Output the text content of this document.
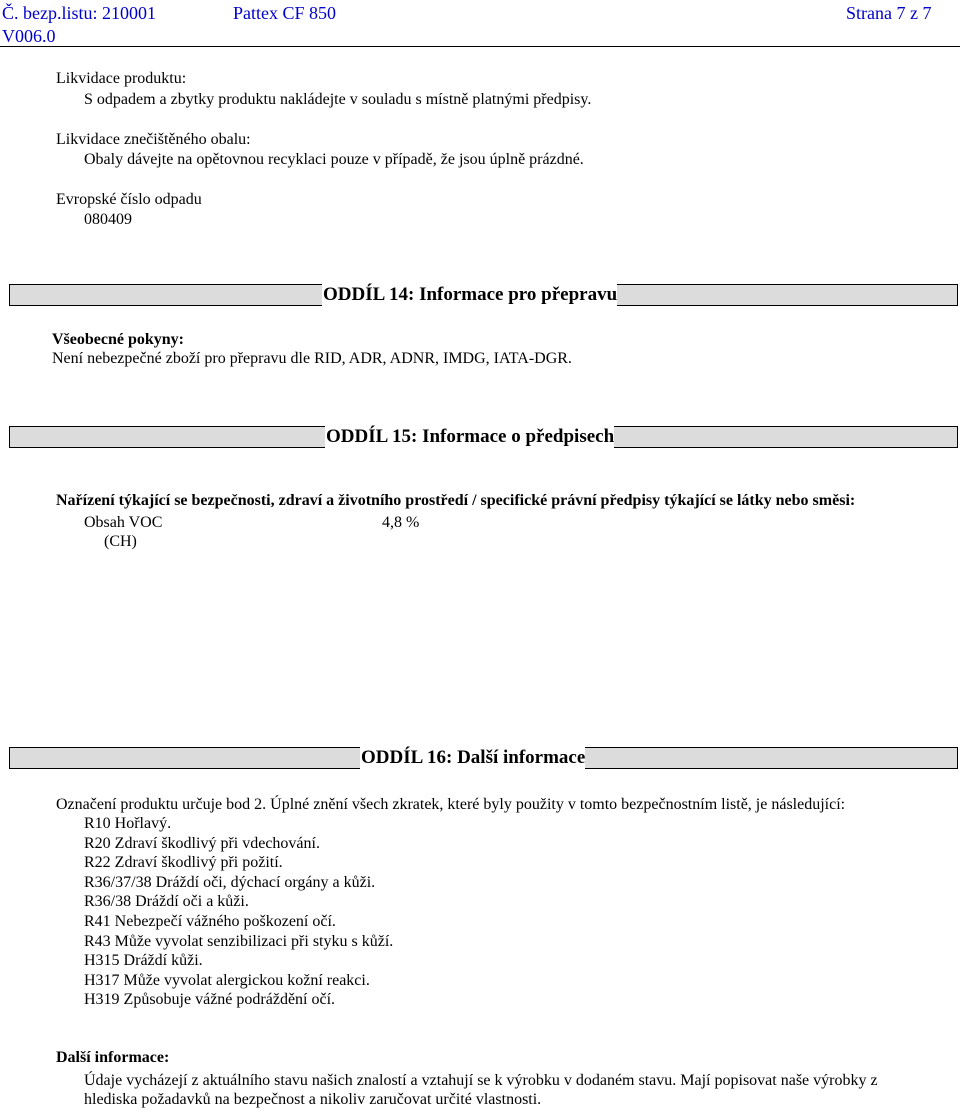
Č. bezp.listu: 210001	Pattex CF 850	Strana 7 z 7
V006.0
Likvidace produktu:
S odpadem a zbytky produktu nakládejte v souladu s místně platnými předpisy.
Likvidace znečištěného obalu:
Obaly dávejte na opětovnou recyklaci pouze v případě, že jsou úplně prázdné.
Evropské číslo odpadu
080409
ODDÍL 14: Informace pro přepravu
Všeobecné pokyny:
Není nebezpečné zboží pro přepravu dle RID, ADR, ADNR, IMDG, IATA-DGR.
ODDÍL 15: Informace o předpisech
Nařízení týkající se bezpečnosti, zdraví a životního prostředí / specifické právní předpisy týkající se látky nebo směsi:
Obsah VOC	4,8 %
(CH)
ODDÍL 16: Další informace
Označení produktu určuje bod 2. Úplné znění všech zkratek, které byly použity v tomto bezpečnostním listě, je následující:
R10 Hořlavý.
R20 Zdraví škodlivý při vdechování.
R22 Zdraví škodlivý při požití.
R36/37/38 Dráždí oči, dýchací orgány a kůži.
R36/38 Dráždí oči a kůži.
R41 Nebezpečí vážného poškození očí.
R43 Může vyvolat senzibilizaci při styku s kůží.
H315 Dráždí kůži.
H317 Může vyvolat alergickou kožní reakci.
H319 Způsobuje vážné podráždění očí.
Další informace:
Údaje vycházejí z aktuálního stavu našich znalostí a vztahují se k výrobku v dodaném stavu. Mají popisovat naše výrobky z
hlediska požadavků na bezpečnost a nikoliv zaručovat určité vlastnosti.
